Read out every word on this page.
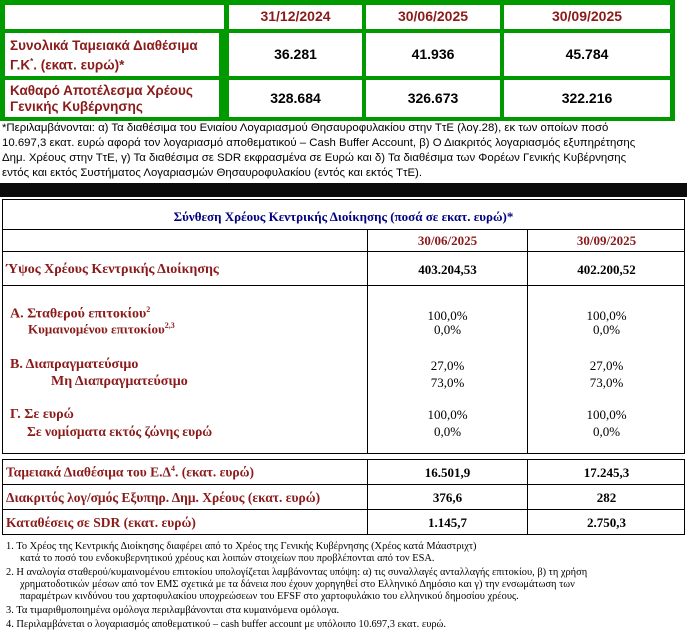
31/12/2024	30/06/2025	30/09/2025
Συνολικά Ταμειακά Διαθέσιμα
Γ.Κ*. (εκατ. ευρώ)*
36.281	41.936	45.784
Καθαρό Αποτέλεσμα Χρέους
Γενικής Κυβέρνησης
328.684	326.673	322.216
*Περιλαμβάνονται: α) Τα διαθέσιμα του Ενιαίου Λογαριασμού Θησαυροφυλακίου στην ΤτΕ (λογ.28), εκ των οποίων ποσό
10.697,3 εκατ. ευρώ αφορά τον λογαριασμό αποθεματικού – Cash Buffer Account, β) Ο Διακριτός λογαριασμός εξυπηρέτησης
Δημ. Χρέους στην ΤτΕ, γ) Τα διαθέσιμα σε SDR εκφρασμένα σε Ευρώ και δ) Τα διαθέσιμα των Φορέων Γενικής Κυβέρνησης
εντός και εκτός Συστήματος Λογαριασμών Θησαυροφυλακίου (εντός και εκτός ΤτΕ).
Σύνθεση Χρέους Κεντρικής Διοίκησης (ποσά σε εκατ. ευρώ)*
30/06/2025	30/09/2025
Ύψος Χρέους Κεντρικής Διοίκησης	403.204,53	402.200,52
Α. Σταθερού επιτοκίου$^2$
Κυμαινομένου επιτοκίου$^{2,3}$
100,0%	100,0%
0,0%	0,0%
Β. Διαπραγματεύσιμο
Μη Διαπραγματεύσιμο
27,0%	27,0%
73,0%	73,0%
Γ. Σε ευρώ
Σε νομίσματα εκτός ζώνης ευρώ
100,0%	100,0%
0,0%	0,0%
Ταμειακά Διαθέσιμα του $E.\Delta^4$. (εκατ. ευρώ)	16.501,9	17.245,3
Διακριτός λογ/σμός Εξυπηρ. Δημ. Χρέους (εκατ. ευρώ)	376,6	282
Καταθέσεις σε SDR (εκατ. ευρώ)	1.145,7	2.750,3
1. Το Χρέος της Κεντρικής Διοίκησης διαφέρει από το Χρέος της Γενικής Κυβέρνησης (Χρέος κατά Μάαστριχτ)
κατά το ποσό του ενδοκυβερνητικού χρέους και λοιπών στοιχείων που προβλέπονται από τον ESA.
2. Η αναλογία σταθερού/κυμαινομένου επιτοκίου υπολογίζεται λαμβάνοντας υπόψη: α) τις συναλλαγές ανταλλαγής επιτοκίου, β) τη χρήση
χρηματοδοτικών μέσων από τον ΕΜΣ σχετικά με τα δάνεια που έχουν χορηγηθεί στο Ελληνικό Δημόσιο και γ) την ενσωμάτωση των
παραμέτρων κινδύνου του χαρτοφυλακίου υποχρεώσεων του EFSF στο χαρτοφυλάκιο του ελληνικού δημοσίου χρέους.
3. Τα τιμαριθμοποιημένα ομόλογα περιλαμβάνονται στα κυμαινόμενα ομόλογα.
4. Περιλαμβάνεται ο λογαριασμός αποθεματικού – cash buffer account με υπόλοιπο 10.697,3 εκατ. ευρώ.
